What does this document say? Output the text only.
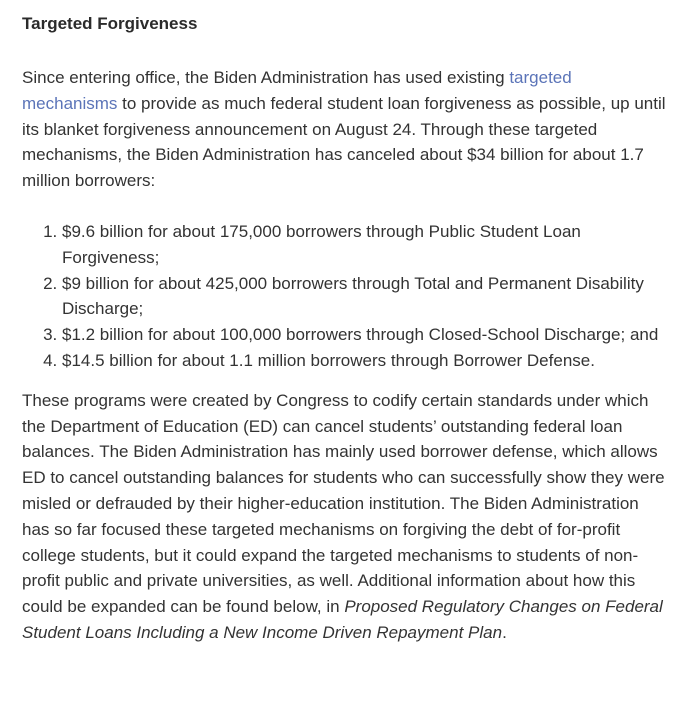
Targeted Forgiveness

Since entering office, the Biden Administration has used existing targeted mechanisms to provide as much federal student loan forgiveness as possible, up until its blanket forgiveness announcement on August 24. Through these targeted mechanisms, the Biden Administration has canceled about $34 billion for about 1.7 million borrowers:

1. $9.6 billion for about 175,000 borrowers through Public Student Loan Forgiveness;
2. $9 billion for about 425,000 borrowers through Total and Permanent Disability Discharge;
3. $1.2 billion for about 100,000 borrowers through Closed-School Discharge; and
4. $14.5 billion for about 1.1 million borrowers through Borrower Defense.

These programs were created by Congress to codify certain standards under which the Department of Education (ED) can cancel students’ outstanding federal loan balances. The Biden Administration has mainly used borrower defense, which allows ED to cancel outstanding balances for students who can successfully show they were misled or defrauded by their higher-education institution. The Biden Administration has so far focused these targeted mechanisms on forgiving the debt of for-profit college students, but it could expand the targeted mechanisms to students of non-profit public and private universities, as well. Additional information about how this could be expanded can be found below, in Proposed Regulatory Changes on Federal Student Loans Including a New Income Driven Repayment Plan.
